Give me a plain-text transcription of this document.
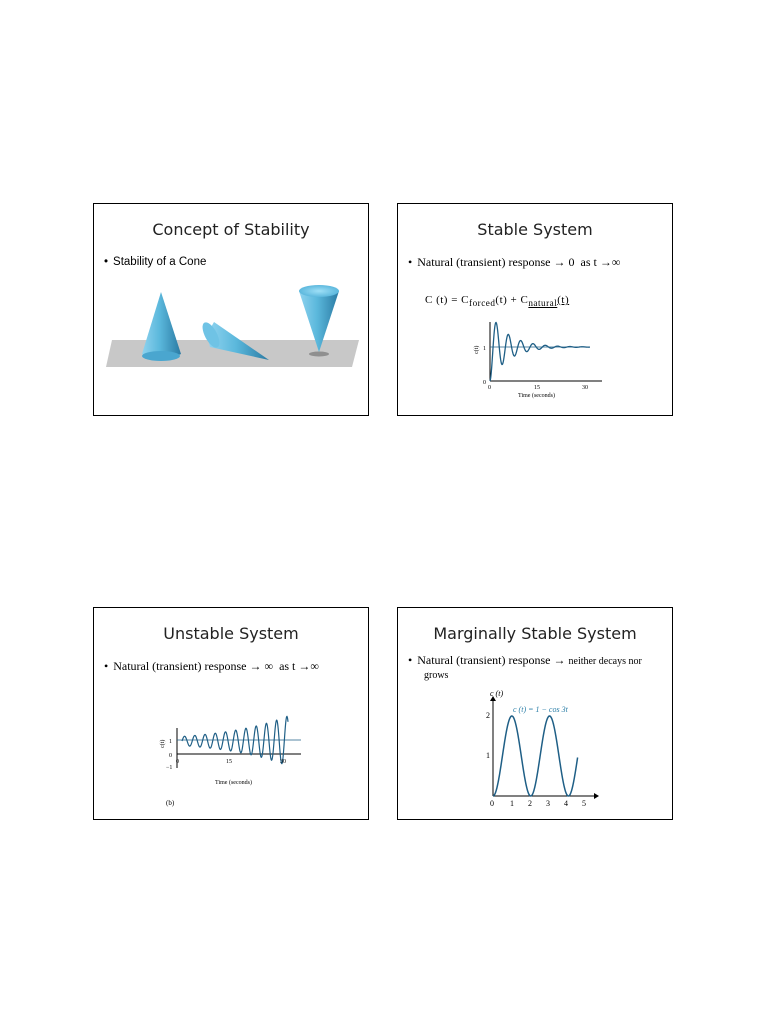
Concept of Stability
• Stability of a Cone
Stable System
• Natural (transient) response → 0 as t →∞
C $(t) = C_{forced}(t) + C_{natural}(t)$
c(t)
0
1
0	15	30
Time (seconds)
Unstable System
• Natural (transient) response → ∞ as t →∞
c(t) 1
0
−1
0	15	30
Time (seconds)
(b)
Marginally Stable System
• Natural (transient) response → neither decays nor
grows
c (t)
c (t) = 1 − cos 3t
2
1
0 1 2 3 4 5
